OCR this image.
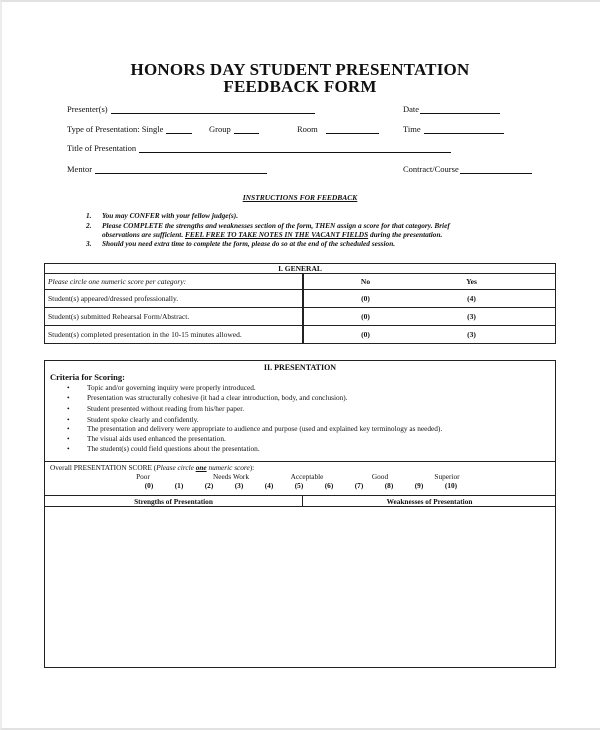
HONORS DAY STUDENT PRESENTATION
FEEDBACK FORM
Presenter(s)	Date
Type of Presentation: Single	Group	Room	Time
Title of Presentation
Mentor	Contract/Course
INSTRUCTIONS FOR FEEDBACK
1. You may CONFER with your fellow judge(s).
2. Please COMPLETE the strengths and weaknesses section of the form, THEN assign a score for that category. Brief
observations are sufficient. FEEL FREE TO TAKE NOTES IN THE VACANT FIELDS during the presentation.
3. Should you need extra time to complete the form, please do so at the end of the scheduled session.
I. GENERAL	
Please circle one numeric score per category:	No Yes

Student(s) appeared/dressed professionally.	(0) (4)

Student(s) submitted Rehearsal Form/Abstract.	(0) (3)

Student(s) completed presentation in the 10-15 minutes allowed.	(0) (3)
II. PRESENTATION
Criteria for Scoring:
• Topic and/or governing inquiry were properly introduced.
• Presentation was structurally cohesive (it had a clear introduction, body, and conclusion).
• Student presented without reading from his/her paper.
• Student spoke clearly and confidently.
• The presentation and delivery were appropriate to audience and purpose (used and explained key terminology as needed).
• The visual aids used enhanced the presentation.
• The student(s) could field questions about the presentation.
Overall PRESENTATION SCORE (Please circle one numeric score):
Poor	Needs Work	Acceptable	Good	Superior
(0)	(1)	(2)	(3)	(4)	(5)	(6)	(7)	(8)	(9)	(10)
Strengths of Presentation	Weaknesses of Presentation
